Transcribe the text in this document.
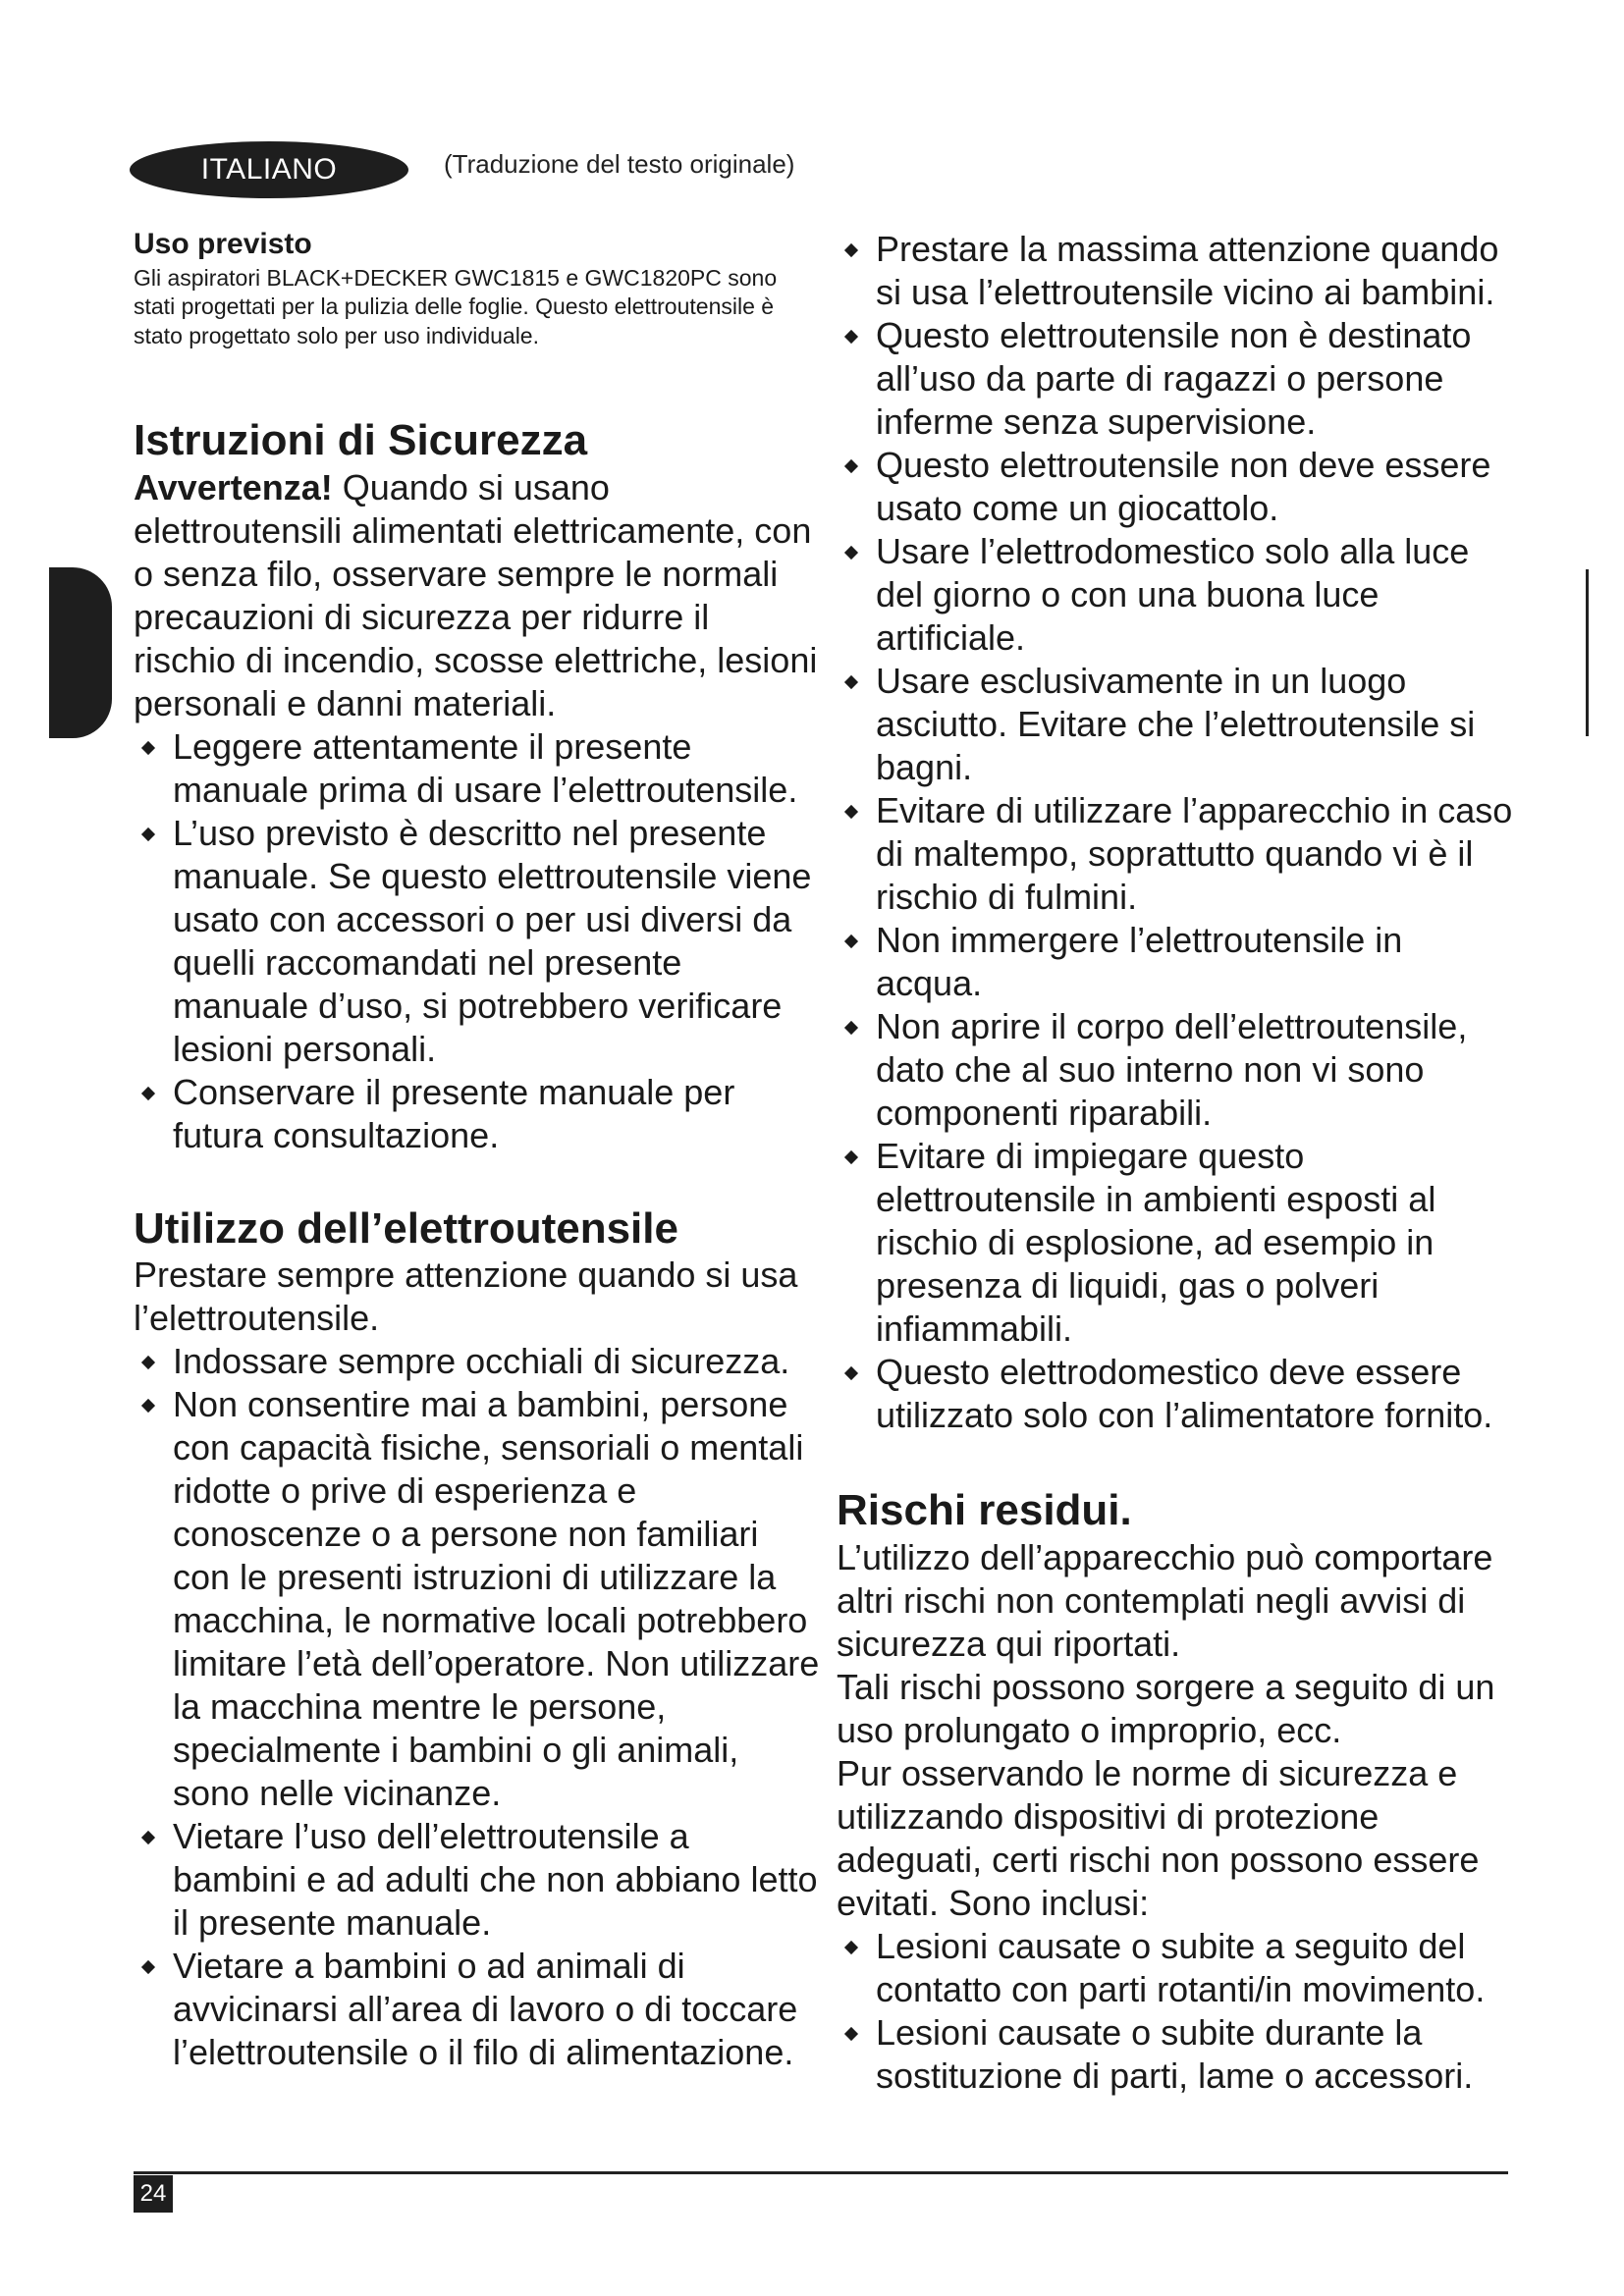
ITALIANO	(Traduzione del testo originale)
Uso previsto

Gli aspiratori BLACK+DECKER GWC1815 e GWC1820PC sono stati progettati per la pulizia delle foglie. Questo elettroutensile è stato progettato solo per uso individuale.

Istruzioni di Sicurezza

Avvertenza! Quando si usano elettroutensili alimentati elettricamente, con o senza filo, osservare sempre le normali precauzioni di sicurezza per ridurre il rischio di incendio, scosse elettriche, lesioni personali e danni materiali.

Leggere attentamente il presente manuale prima di usare l’elettroutensile.
L’uso previsto è descritto nel presente manuale. Se questo elettroutensile viene usato con accessori o per usi diversi da quelli raccomandati nel presente manuale d’uso, si potrebbero verificare lesioni personali.
Conservare il presente manuale per futura consultazione.
Utilizzo dell’elettroutensile

Prestare sempre attenzione quando si usa l’elettroutensile.

Indossare sempre occhiali di sicurezza.
Non consentire mai a bambini, persone con capacità fisiche, sensoriali o mentali ridotte o prive di esperienza e conoscenze o a persone non familiari con le presenti istruzioni di utilizzare la macchina, le normative locali potrebbero limitare l’età dell’operatore. Non utilizzare la macchina mentre le persone, specialmente i bambini o gli animali, sono nelle vicinanze.
Vietare l’uso dell’elettroutensile a bambini e ad adulti che non abbiano letto il presente manuale.
Vietare a bambini o ad animali di avvicinarsi all’area di lavoro o di toccare l’elettroutensile o il filo di alimentazione.
Prestare la massima attenzione quando si usa l’elettroutensile vicino ai bambini.
Questo elettroutensile non è destinato all’uso da parte di ragazzi o persone inferme senza supervisione.
Questo elettroutensile non deve essere usato come un giocattolo.
Usare l’elettrodomestico solo alla luce del giorno o con una buona luce artificiale.
Usare esclusivamente in un luogo asciutto. Evitare che l’elettroutensile si bagni.
Evitare di utilizzare l’apparecchio in caso di maltempo, soprattutto quando vi è il rischio di fulmini.
Non immergere l’elettroutensile in acqua.
Non aprire il corpo dell’elettroutensile, dato che al suo interno non vi sono componenti riparabili.
Evitare di impiegare questo elettroutensile in ambienti esposti al rischio di esplosione, ad esempio in presenza di liquidi, gas o polveri infiammabili.
Questo elettrodomestico deve essere utilizzato solo con l’alimentatore fornito.
Rischi residui.

L’utilizzo dell’apparecchio può comportare altri rischi non contemplati negli avvisi di sicurezza qui riportati.

Tali rischi possono sorgere a seguito di un uso prolungato o improprio, ecc.

Pur osservando le norme di sicurezza e utilizzando dispositivi di protezione adeguati, certi rischi non possono essere evitati. Sono inclusi:

Lesioni causate o subite a seguito del contatto con parti rotanti/in movimento.
Lesioni causate o subite durante la sostituzione di parti, lame o accessori.
24
